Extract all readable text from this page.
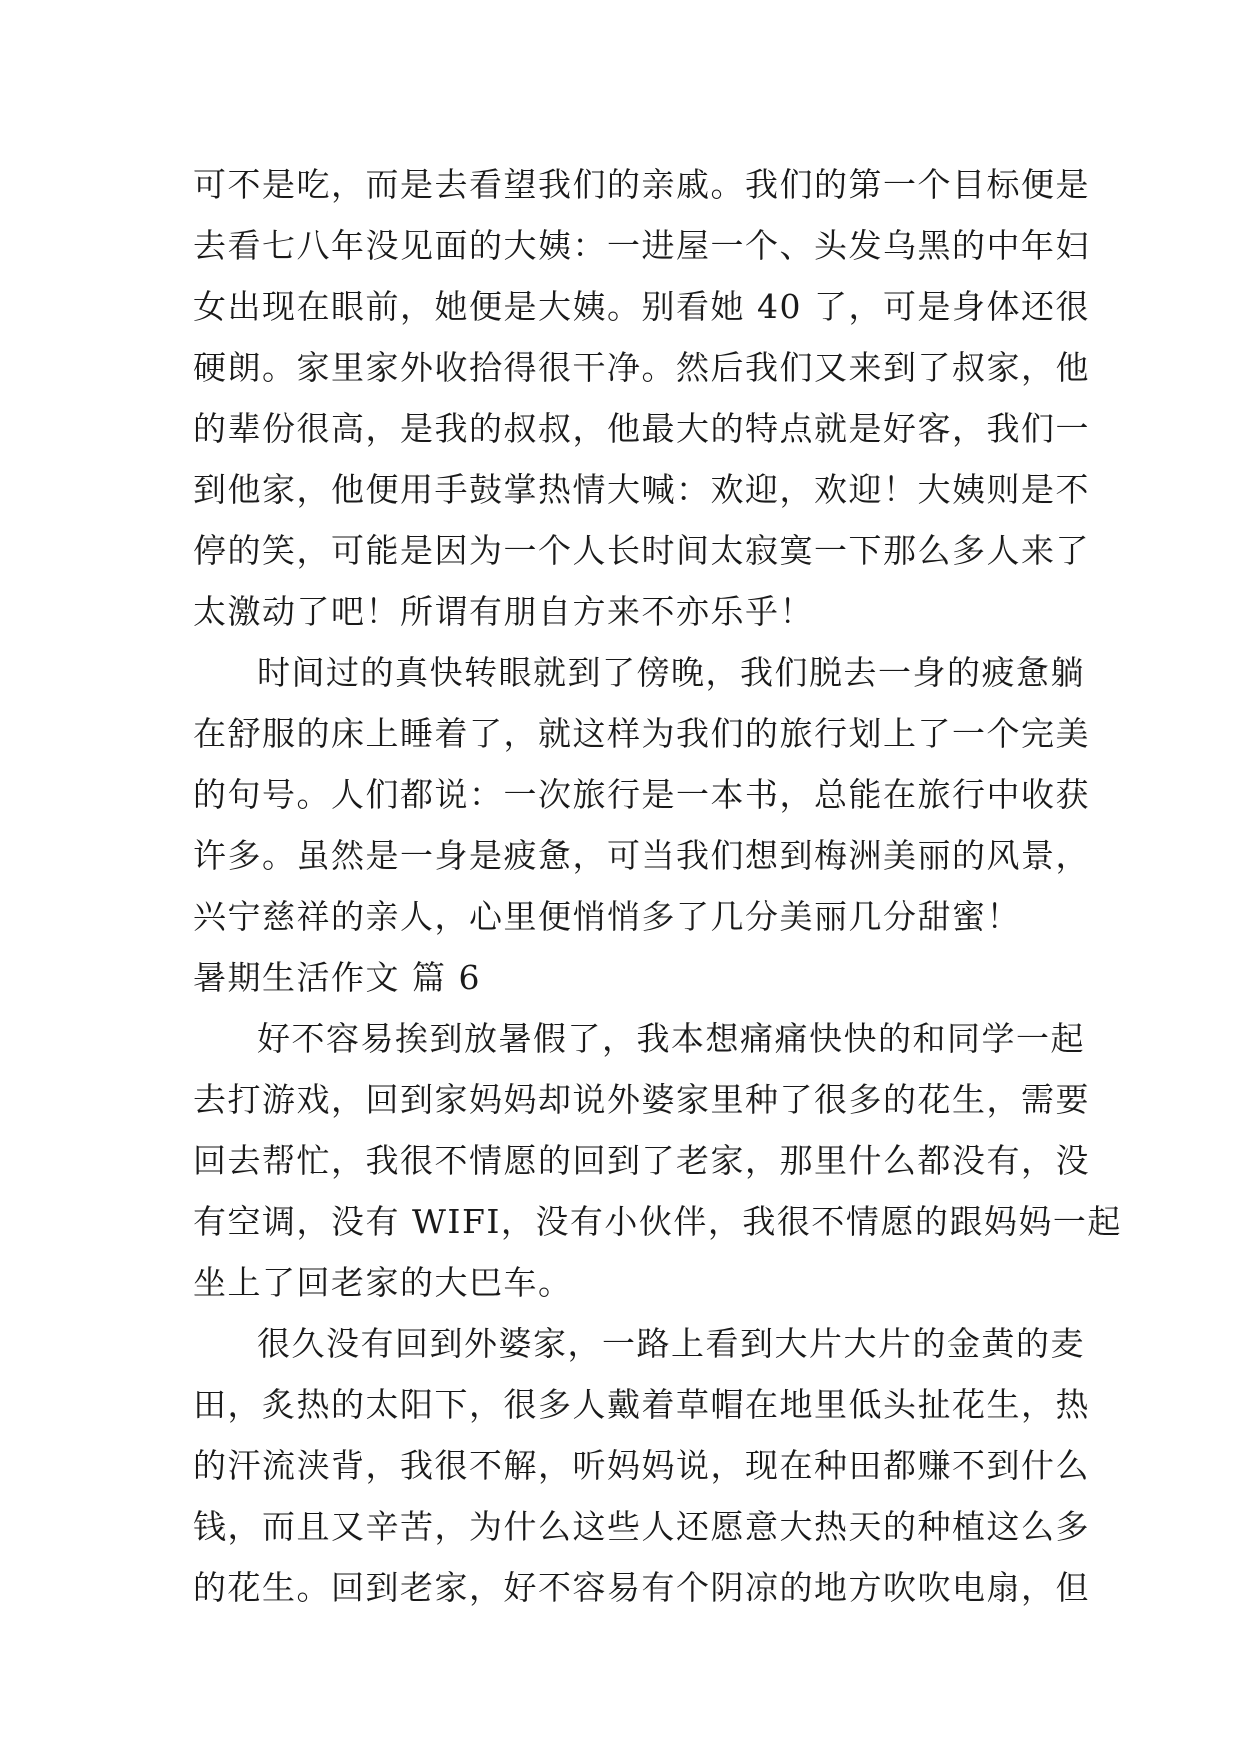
可不是吃，而是去看望我们的亲戚。我们的第一个目标便是
去看七八年没见面的大姨：一进屋一个、头发乌黑的中年妇
女出现在眼前，她便是大姨。别看她 40 了，可是身体还很
硬朗。家里家外收拾得很干净。然后我们又来到了叔家，他
的辈份很高，是我的叔叔，他最大的特点就是好客，我们一
到他家，他便用手鼓掌热情大喊：欢迎，欢迎！大姨则是不
停的笑，可能是因为一个人长时间太寂寞一下那么多人来了
太激动了吧！所谓有朋自方来不亦乐乎！
时间过的真快转眼就到了傍晚，我们脱去一身的疲惫躺
在舒服的床上睡着了，就这样为我们的旅行划上了一个完美
的句号。人们都说：一次旅行是一本书，总能在旅行中收获
许多。虽然是一身是疲惫，可当我们想到梅洲美丽的风景，
兴宁慈祥的亲人，心里便悄悄多了几分美丽几分甜蜜！
暑期生活作文 篇 6
好不容易挨到放暑假了，我本想痛痛快快的和同学一起
去打游戏，回到家妈妈却说外婆家里种了很多的花生，需要
回去帮忙，我很不情愿的回到了老家，那里什么都没有，没
有空调，没有 WIFI，没有小伙伴，我很不情愿的跟妈妈一起
坐上了回老家的大巴车。
很久没有回到外婆家，一路上看到大片大片的金黄的麦
田，炙热的太阳下，很多人戴着草帽在地里低头扯花生，热
的汗流浃背，我很不解，听妈妈说，现在种田都赚不到什么
钱，而且又辛苦，为什么这些人还愿意大热天的种植这么多
的花生。回到老家，好不容易有个阴凉的地方吹吹电扇，但
